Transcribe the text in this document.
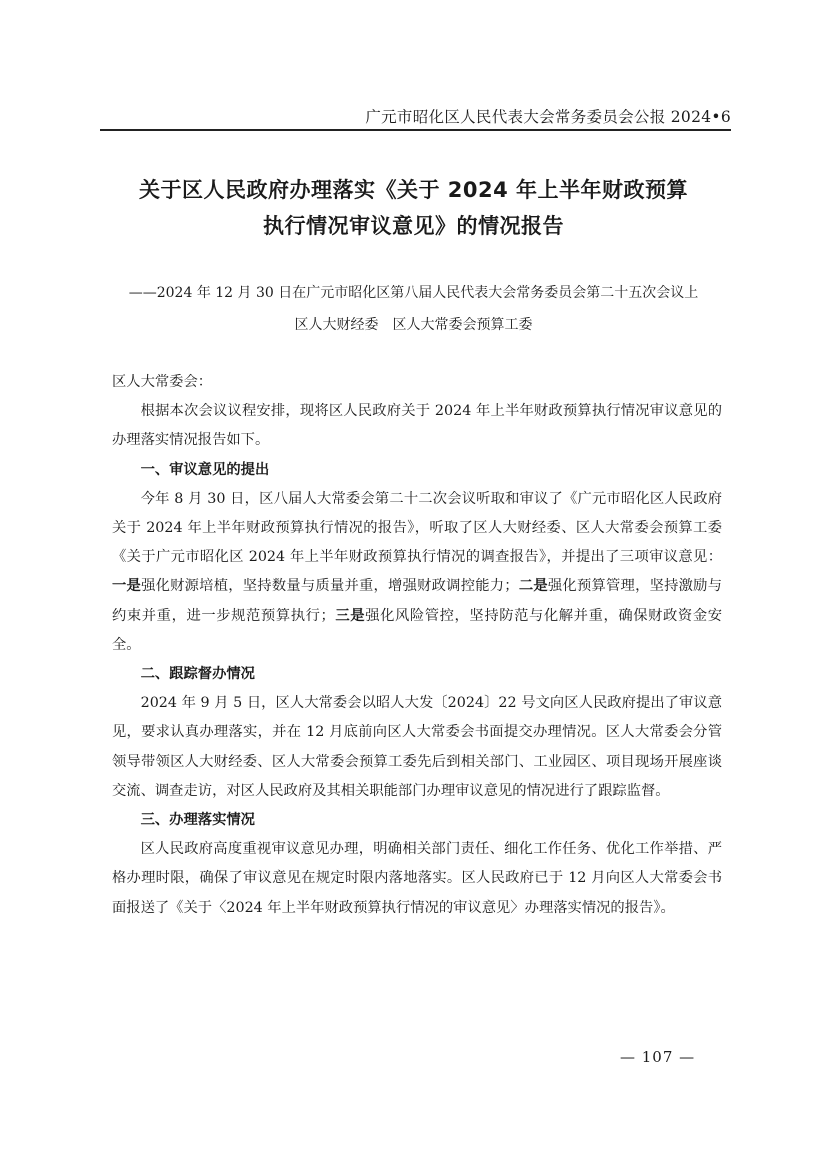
广元市昭化区人民代表大会常务委员会公报 2024•6
关于区人民政府办理落实《关于 2024 年上半年财政预算
执行情况审议意见》的情况报告
——2024 年 12 月 30 日在广元市昭化区第八届人民代表大会常务委员会第二十五次会议上
区人大财经委　区人大常委会预算工委

区人大常委会：

根据本次会议议程安排，现将区人民政府关于 2024 年上半年财政预算执行情况审议意见的办理落实情况报告如下。

一、审议意见的提出

今年 8 月 30 日，区八届人大常委会第二十二次会议听取和审议了《广元市昭化区人民政府关于 2024 年上半年财政预算执行情况的报告》，听取了区人大财经委、区人大常委会预算工委《关于广元市昭化区 2024 年上半年财政预算执行情况的调查报告》，并提出了三项审议意见：一是强化财源培植，坚持数量与质量并重，增强财政调控能力；二是强化预算管理，坚持激励与约束并重，进一步规范预算执行；三是强化风险管控，坚持防范与化解并重，确保财政资金安全。

二、跟踪督办情况

2024 年 9 月 5 日，区人大常委会以昭人大发〔2024〕22 号文向区人民政府提出了审议意见，要求认真办理落实，并在 12 月底前向区人大常委会书面提交办理情况。区人大常委会分管领导带领区人大财经委、区人大常委会预算工委先后到相关部门、工业园区、项目现场开展座谈交流、调查走访，对区人民政府及其相关职能部门办理审议意见的情况进行了跟踪监督。

三、办理落实情况

区人民政府高度重视审议意见办理，明确相关部门责任、细化工作任务、优化工作举措、严格办理时限，确保了审议意见在规定时限内落地落实。区人民政府已于 12 月向区人大常委会书面报送了《关于〈2024 年上半年财政预算执行情况的审议意见〉办理落实情况的报告》。

— 107 —
